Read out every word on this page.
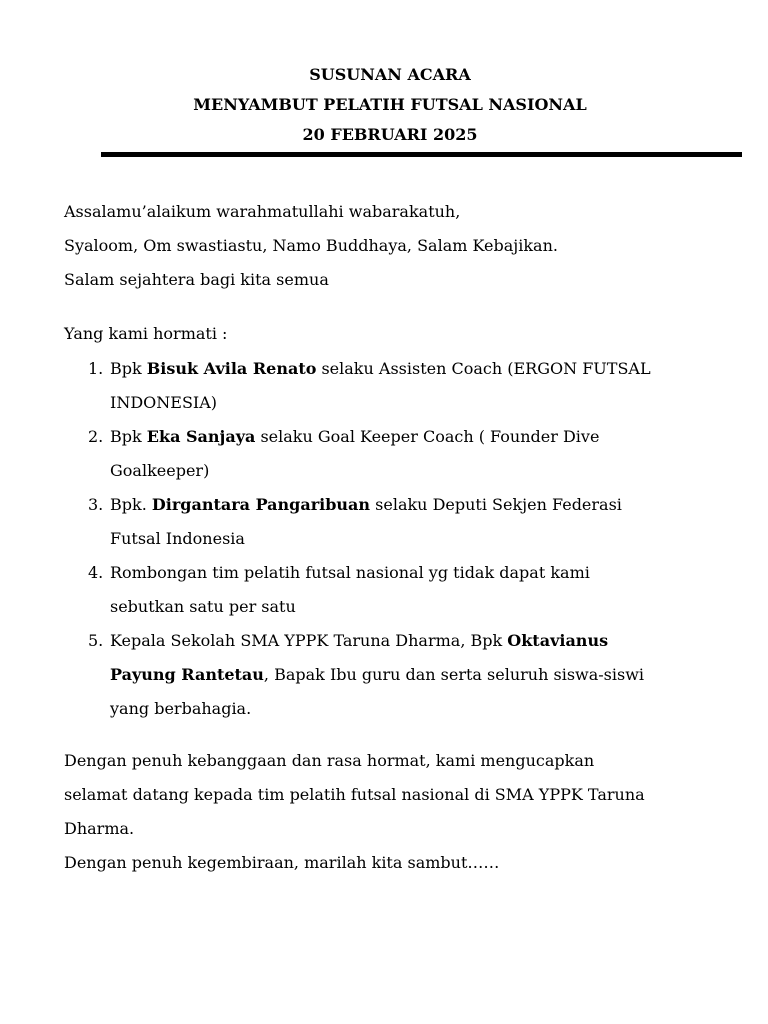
SUSUNAN ACARA
MENYAMBUT PELATIH FUTSAL NASIONAL
20 FEBRUARI 2025
Assalamu’alaikum warahmatullahi wabarakatuh,
Syaloom, Om swastiastu, Namo Buddhaya, Salam Kebajikan.
Salam sejahtera bagi kita semua
Yang kami hormati :
1. Bpk Bisuk Avila Renato selaku Assisten Coach (ERGON FUTSAL
INDONESIA)
2. Bpk Eka Sanjaya selaku Goal Keeper Coach ( Founder Dive
Goalkeeper)
3. Bpk. Dirgantara Pangaribuan selaku Deputi Sekjen Federasi
Futsal Indonesia
4. Rombongan tim pelatih futsal nasional yg tidak dapat kami
sebutkan satu per satu
5. Kepala Sekolah SMA YPPK Taruna Dharma, Bpk Oktavianus
Payung Rantetau, Bapak Ibu guru dan serta seluruh siswa-siswi
yang berbahagia.
Dengan penuh kebanggaan dan rasa hormat, kami mengucapkan
selamat datang kepada tim pelatih futsal nasional di SMA YPPK Taruna
Dharma.
Dengan penuh kegembiraan, marilah kita sambut……
